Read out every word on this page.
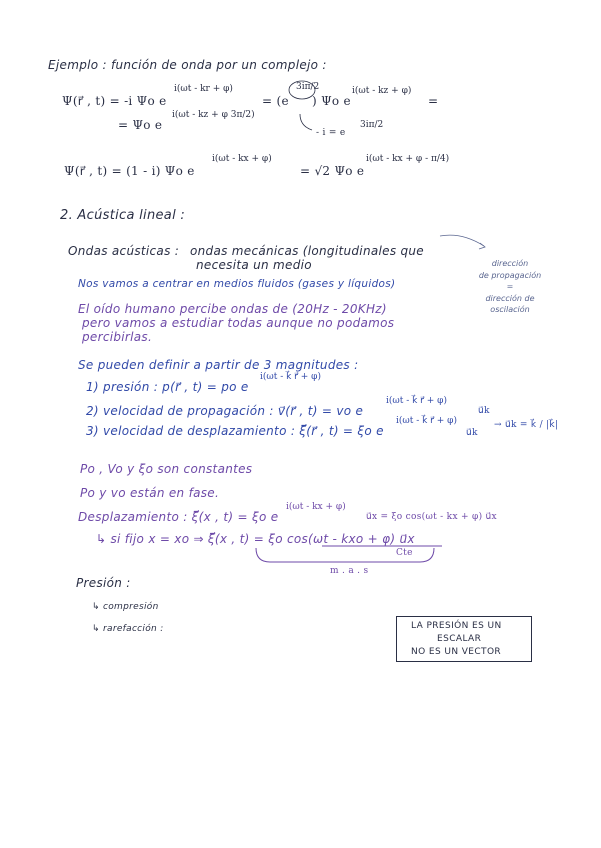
Ejemplo : función de onda por un complejo :
Ψ(r⃗ , t) = -i Ψo e
i(ωt - kr + φ)
= (e
3iπ/2
) Ψo e
i(ωt - kz + φ)
=
= Ψo e
i(ωt - kz + φ 3π/2)
- i = e
3iπ/2
Ψ(r⃗ , t) = (1 - i) Ψo e
i(ωt - kx + φ)
= √2 Ψo e
i(ωt - kx + φ - π/4)
2. Acústica lineal :
Ondas acústicas : ondas mecánicas (longitudinales que
necesita un medio	dirección
de propagación
=
dirección de
oscilación
Nos vamos a centrar en medios fluidos (gases y líquidos)
El oído humano percibe ondas de (20Hz - 20KHz)
pero vamos a estudiar todas aunque no podamos
percibirlas.
Se pueden definir a partir de 3 magnitudes :
1) presión : p(r⃗ , t) = po e
i(ωt - k⃗ r⃗ + φ)
2) velocidad de propagación : v⃗(r⃗ , t) = vo e
i(ωt - k⃗ r⃗ + φ)
u⃗k
3) velocidad de desplazamiento : ξ⃗(r⃗ , t) = ξo e
i(ωt - k⃗ r⃗ + φ)
u⃗k
→ u⃗k = k⃗ / |k⃗|
Po , Vo y ξo son constantes
Po y vo están en fase.
Desplazamiento : ξ⃗(x , t) = ξo e
i(ωt - kx + φ)
u⃗x = ξo cos(ωt - kx + φ) u⃗x
↳ si fijo x = xo ⇒ ξ⃗(x , t) = ξo cos(ωt - kxo + φ) u⃗x
Cte
m . a . s
Presión :
↳ compresión
↳ rarefacción :	LA PRESIÓN ES UN
ESCALAR
NO ES UN VECTOR
